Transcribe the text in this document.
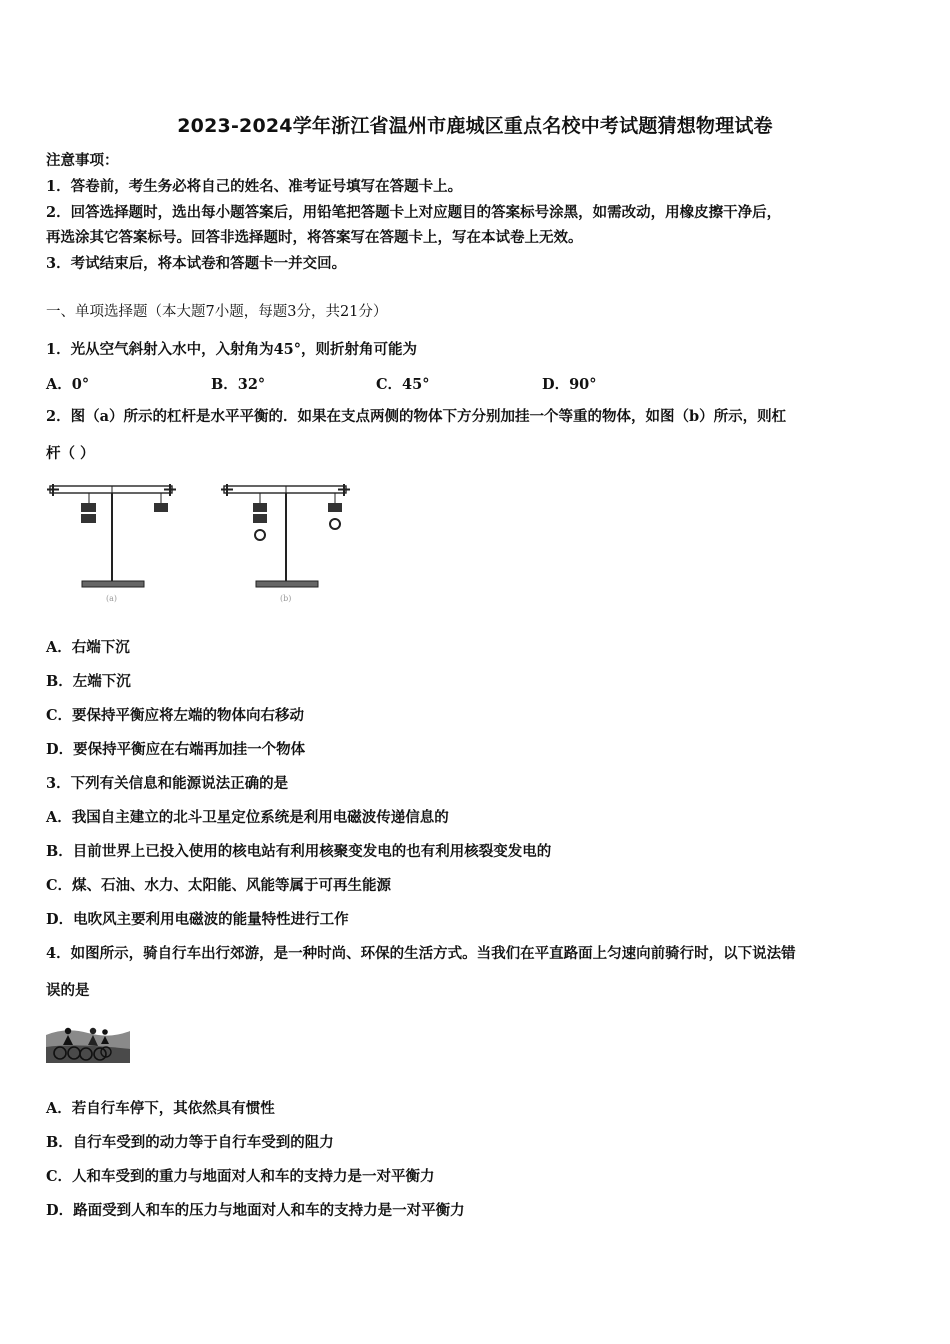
2023-2024学年浙江省温州市鹿城区重点名校中考试题猜想物理试卷
注意事项：
1．答卷前，考生务必将自己的姓名、准考证号填写在答题卡上。
2．回答选择题时，选出每小题答案后，用铅笔把答题卡上对应题目的答案标号涂黑，如需改动，用橡皮擦干净后，
再选涂其它答案标号。回答非选择题时，将答案写在答题卡上，写在本试卷上无效。
3．考试结束后，将本试卷和答题卡一并交回。
一、单项选择题（本大题7小题，每题3分，共21分）
1．光从空气斜射入水中，入射角为45°，则折射角可能为
A．0°	B．32°	C．45°	D．90°
2．图（a）所示的杠杆是水平平衡的．如果在支点两侧的物体下方分别加挂一个等重的物体，如图（b）所示，则杠
杆（ ）
(a)	(b)
A．右端下沉
B．左端下沉
C．要保持平衡应将左端的物体向右移动
D．要保持平衡应在右端再加挂一个物体
3．下列有关信息和能源说法正确的是
A．我国自主建立的北斗卫星定位系统是利用电磁波传递信息的
B．目前世界上已投入使用的核电站有利用核聚变发电的也有利用核裂变发电的
C．煤、石油、水力、太阳能、风能等属于可再生能源
D．电吹风主要利用电磁波的能量特性进行工作
4．如图所示，骑自行车出行郊游，是一种时尚、环保的生活方式。当我们在平直路面上匀速向前骑行时，以下说法错
误的是
A．若自行车停下，其依然具有惯性
B．自行车受到的动力等于自行车受到的阻力
C．人和车受到的重力与地面对人和车的支持力是一对平衡力
D．路面受到人和车的压力与地面对人和车的支持力是一对平衡力
